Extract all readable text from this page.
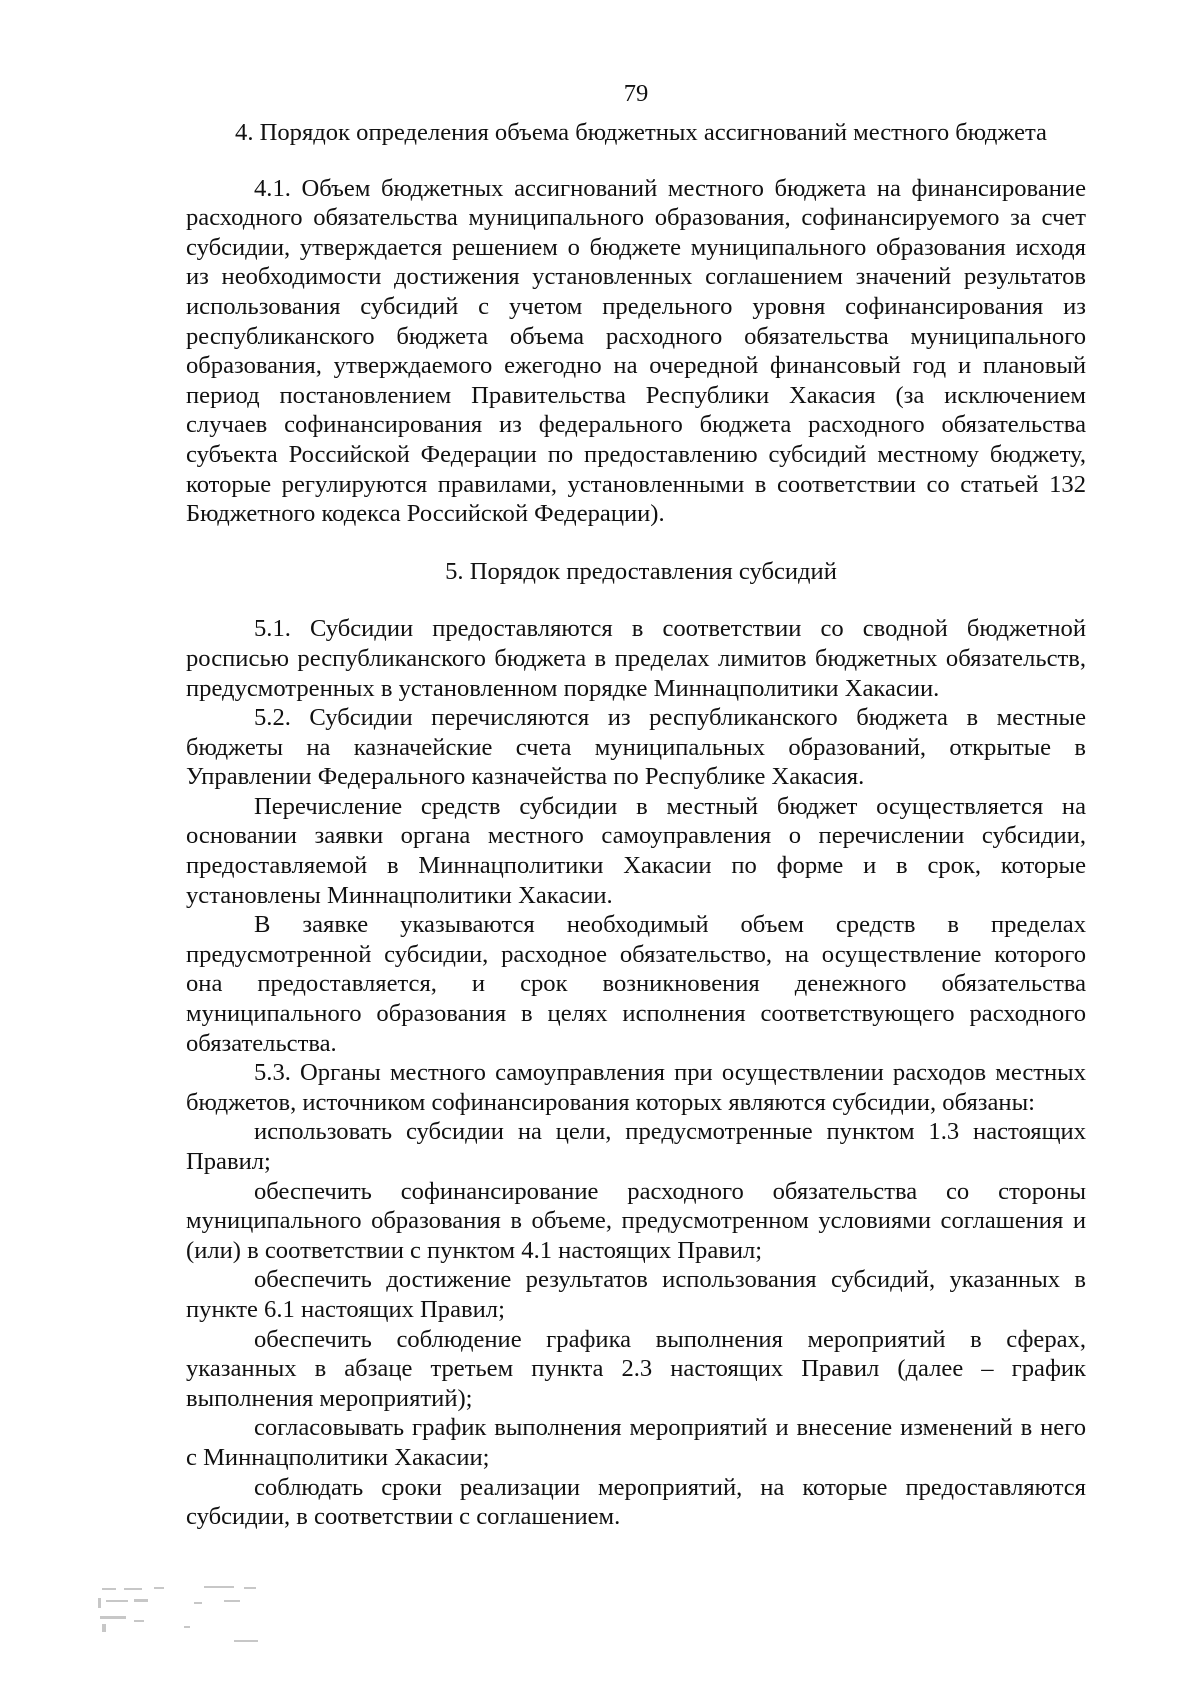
79
4. Порядок определения объема бюджетных ассигнований местного бюджета

4.1. Объем бюджетных ассигнований местного бюджета на финансирование расходного обязательства муниципального образования, софинансируемого за счет субсидии, утверждается решением о бюджете муниципального образования исходя из необходимости достижения установленных соглашением значений результатов использования субсидий с учетом предельного уровня софинансирования из республиканского бюджета объема расходного обязательства муниципального образования, утверждаемого ежегодно на очередной финансовый год и плановый период постановлением Правительства Республики Хакасия (за исключением случаев софинансирования из федерального бюджета расходного обязательства субъекта Российской Федерации по предоставлению субсидий местному бюджету, которые регулируются правилами, установленными в соответствии со статьей 132 Бюджетного кодекса Российской Федерации).

5. Порядок предоставления субсидий

5.1. Субсидии предоставляются в соответствии со сводной бюджетной росписью республиканского бюджета в пределах лимитов бюджетных обязательств, предусмотренных в установленном порядке Миннацполитики Хакасии.

5.2. Субсидии перечисляются из республиканского бюджета в местные бюджеты на казначейские счета муниципальных образований, открытые в Управлении Федерального казначейства по Республике Хакасия.

Перечисление средств субсидии в местный бюджет осуществляется на основании заявки органа местного самоуправления о перечислении субсидии, предоставляемой в Миннацполитики Хакасии по форме и в срок, которые установлены Миннацполитики Хакасии.

В заявке указываются необходимый объем средств в пределах предусмотренной субсидии, расходное обязательство, на осуществление которого она предоставляется, и срок возникновения денежного обязательства муниципального образования в целях исполнения соответствующего расходного обязательства.

5.3. Органы местного самоуправления при осуществлении расходов местных бюджетов, источником софинансирования которых являются субсидии, обязаны:

использовать субсидии на цели, предусмотренные пунктом 1.3 настоящих Правил;

обеспечить софинансирование расходного обязательства со стороны муниципального образования в объеме, предусмотренном условиями соглашения и (или) в соответствии с пунктом 4.1 настоящих Правил;

обеспечить достижение результатов использования субсидий, указанных в пункте 6.1 настоящих Правил;

обеспечить соблюдение графика выполнения мероприятий в сферах, указанных в абзаце третьем пункта 2.3 настоящих Правил (далее – график выполнения мероприятий);

согласовывать график выполнения мероприятий и внесение изменений в него с Миннацполитики Хакасии;

соблюдать сроки реализации мероприятий, на которые предоставляются субсидии, в соответствии с соглашением.
